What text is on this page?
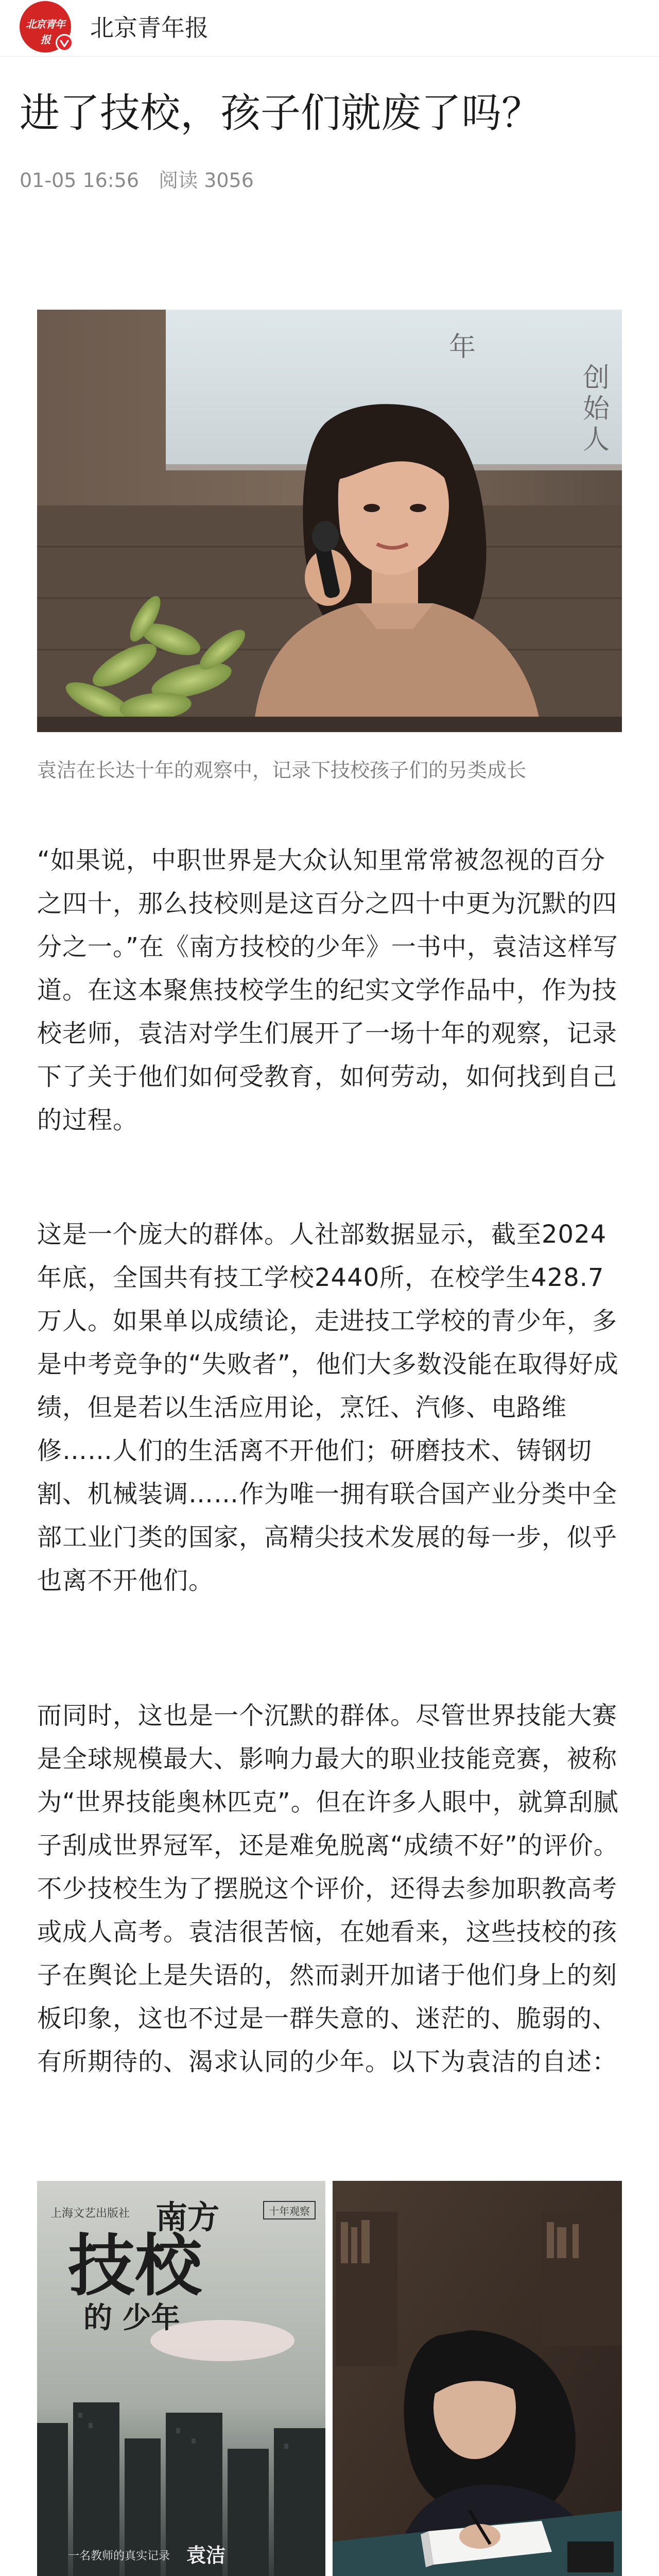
北京青年报	北京青年报
进了技校，孩子们就废了吗？
01-05 16:56 阅读 3056
年
创
始
人
袁洁在长达十年的观察中，记录下技校孩子们的另类成长

“如果说，中职世界是大众认知里常常被忽视的百分之四十，那么技校则是这百分之四十中更为沉默的四分之一。”在《南方技校的少年》一书中，袁洁这样写道。在这本聚焦技校学生的纪实文学作品中，作为技校老师，袁洁对学生们展开了一场十年的观察，记录下了关于他们如何受教育，如何劳动，如何找到自己的过程。

这是一个庞大的群体。人社部数据显示，截至2024年底，全国共有技工学校2440所，在校学生428.7万人。如果单以成绩论，走进技工学校的青少年，多是中考竞争的“失败者”，他们大多数没能在取得好成绩，但是若以生活应用论，烹饪、汽修、电路维修……人们的生活离不开他们；研磨技术、铸钢切割、机械装调……作为唯一拥有联合国产业分类中全部工业门类的国家，高精尖技术发展的每一步，似乎也离不开他们。

而同时，这也是一个沉默的群体。尽管世界技能大赛是全球规模最大、影响力最大的职业技能竞赛，被称为“世界技能奥林匹克”。但在许多人眼中，就算刮腻子刮成世界冠军，还是难免脱离“成绩不好”的评价。不少技校生为了摆脱这个评价，还得去参加职教高考或成人高考。袁洁很苦恼，在她看来，这些技校的孩子在舆论上是失语的，然而剥开加诸于他们身上的刻板印象，这也不过是一群失意的、迷茫的、脆弱的、有所期待的、渴求认同的少年。以下为袁洁的自述：

上海文艺出版社 南方
技校
的 少年
十年观察
一名教师的真实记录 袁洁
